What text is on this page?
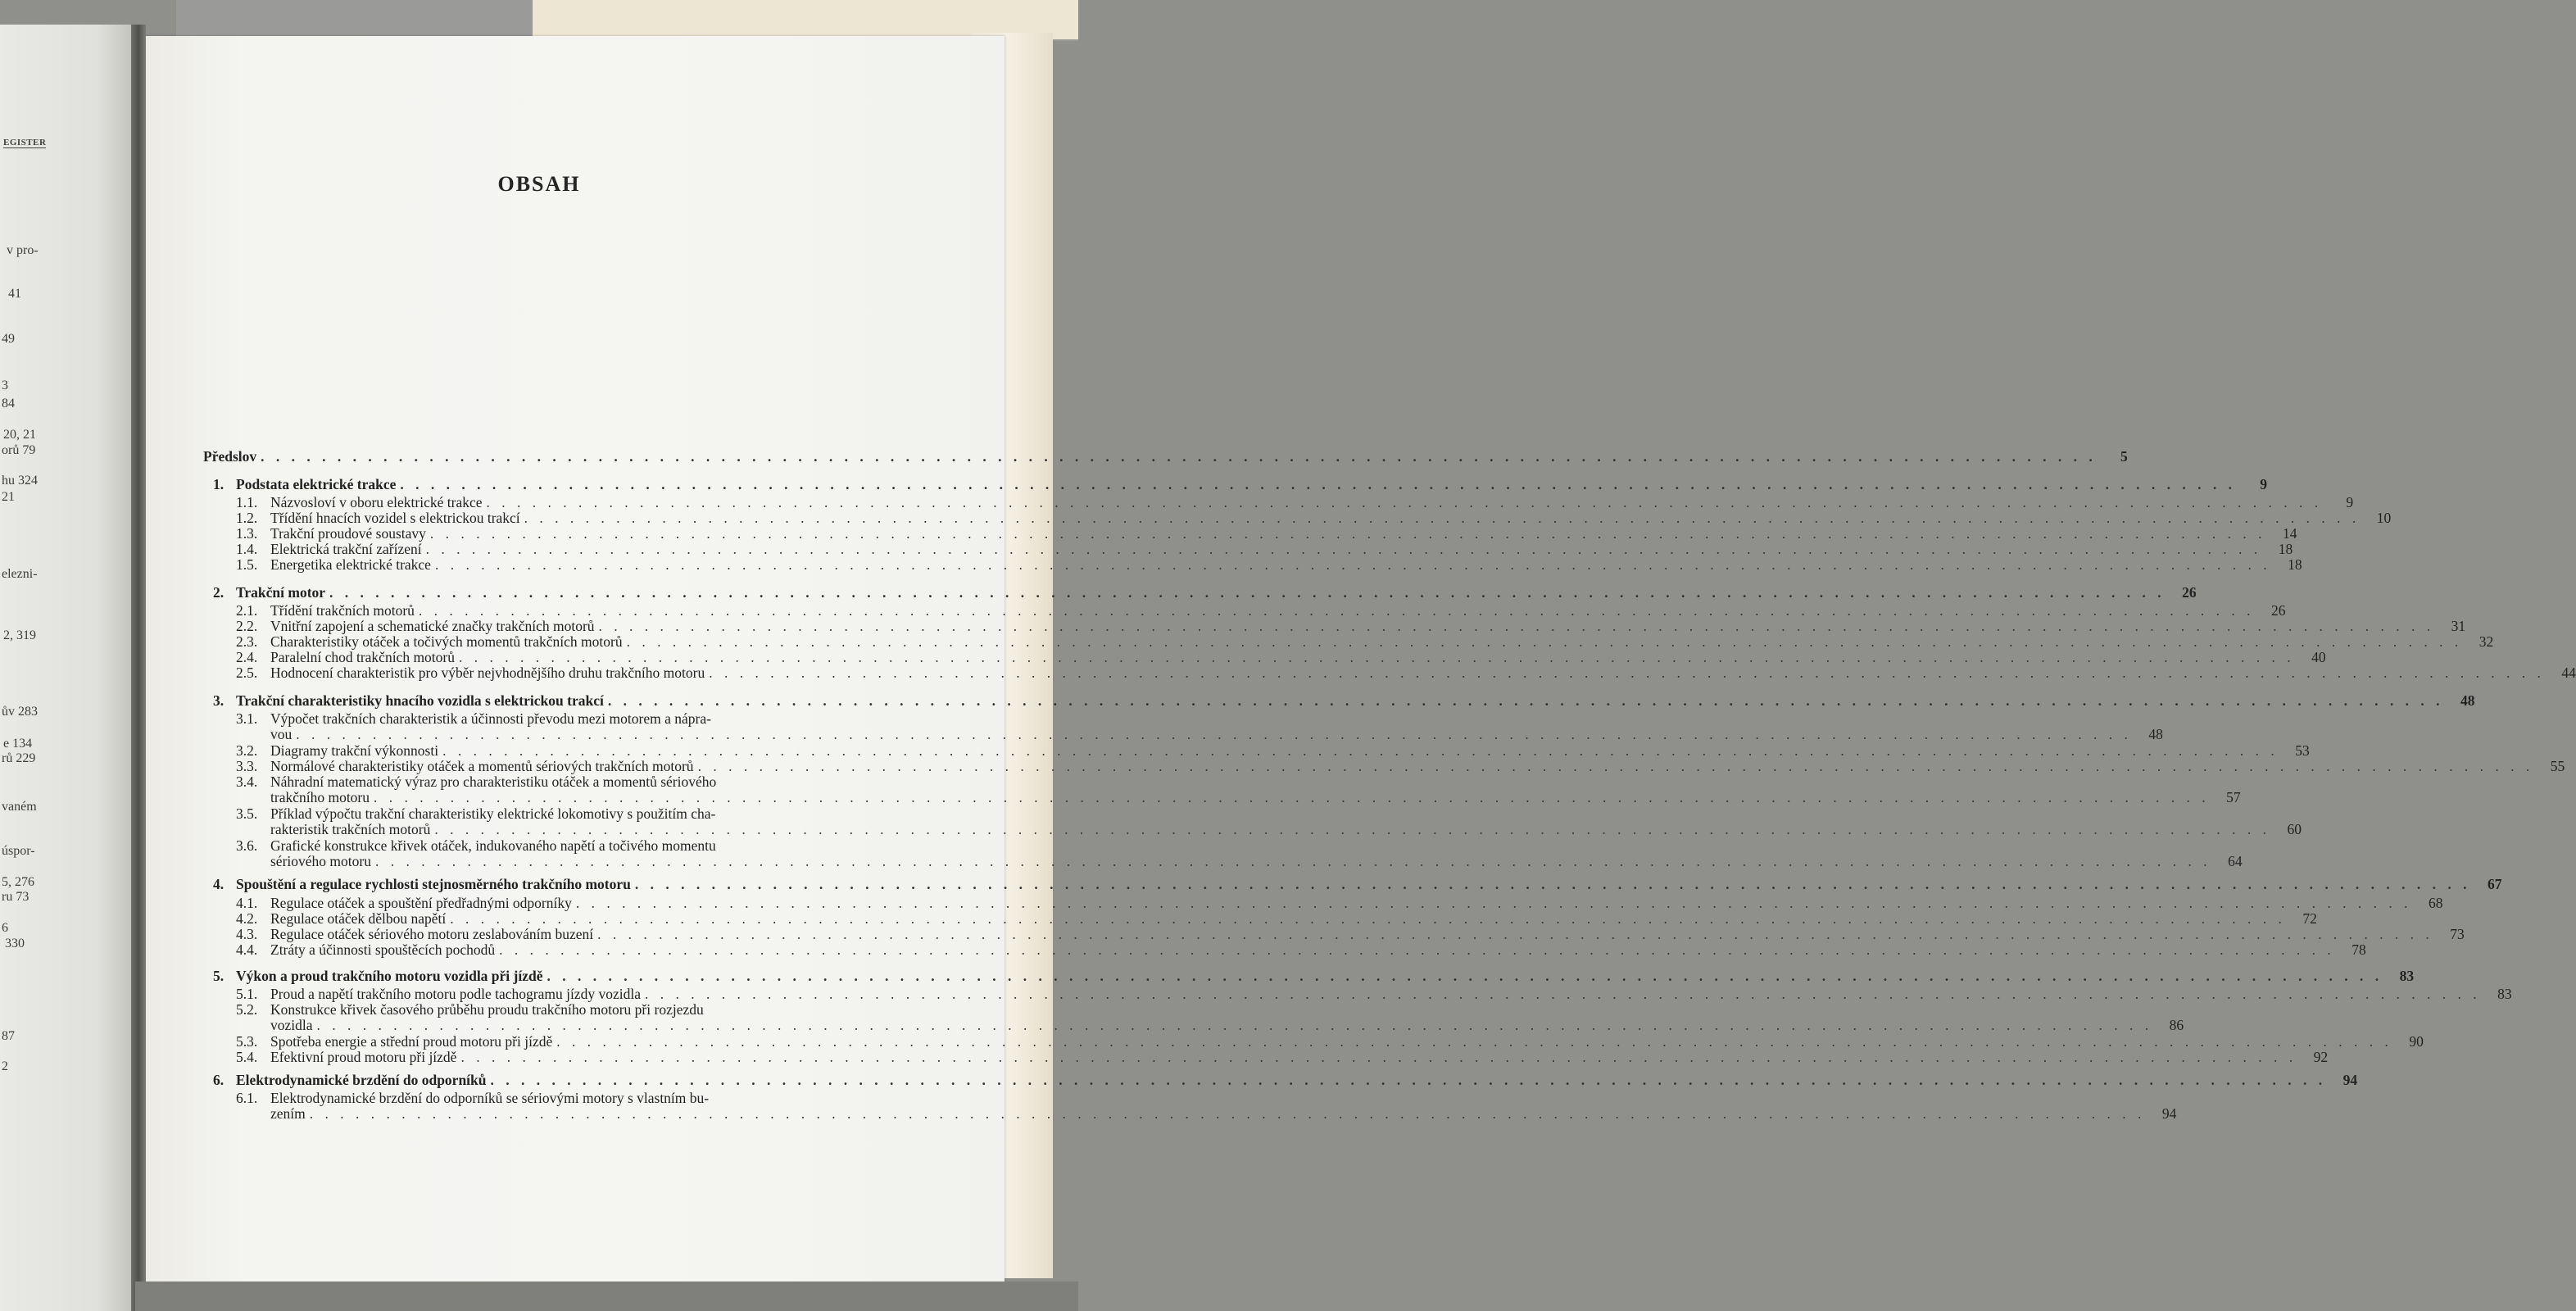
EGISTER
v pro-
41
49
3
84
20, 21
orů 79
hu 324
21
elezni-
2, 319
ův 283
e 134
rů 229
vaném
úspor-
5, 276
ru 73
6
330
87
2
OBSAH
Předslov . . . . . . . . . . . . . . . . . . . . . . . . . . . . . . . . . . . . . . . . . . . . . . . . . . . . . . . . . . . . . . . . . . . . . . . . . . . . . . . . . . . . . . . . . . . . . . . . . . . . . . . . . . . . . . . . . . . . . . . .	5
1. Podstata elektrické trakce . . . . . . . . . . . . . . . . . . . . . . . . . . . . . . . . . . . . . . . . . . . . . . . . . . . . . . . . . . . . . . . . . . . . . . . . . . . . . . . . . . . . . . . . . . . . . . . . . . . . . . . . . . . . . . . . . . . . . . . .	9
1.1. Názvosloví v oboru elektrické trakce . . . . . . . . . . . . . . . . . . . . . . . . . . . . . . . . . . . . . . . . . . . . . . . . . . . . . . . . . . . . . . . . . . . . . . . . . . . . . . . . . . . . . . . . . . . . . . . . . . . . . . . . . . . . . . . . . . . . . . . .	9
1.2. Třídění hnacích vozidel s elektrickou trakcí . . . . . . . . . . . . . . . . . . . . . . . . . . . . . . . . . . . . . . . . . . . . . . . . . . . . . . . . . . . . . . . . . . . . . . . . . . . . . . . . . . . . . . . . . . . . . . . . . . . . . . . . . . . . . . . . . . . . . . . .	10
1.3. Trakční proudové soustavy . . . . . . . . . . . . . . . . . . . . . . . . . . . . . . . . . . . . . . . . . . . . . . . . . . . . . . . . . . . . . . . . . . . . . . . . . . . . . . . . . . . . . . . . . . . . . . . . . . . . . . . . . . . . . . . . . . . . . . . .	14
1.4. Elektrická trakční zařízení . . . . . . . . . . . . . . . . . . . . . . . . . . . . . . . . . . . . . . . . . . . . . . . . . . . . . . . . . . . . . . . . . . . . . . . . . . . . . . . . . . . . . . . . . . . . . . . . . . . . . . . . . . . . . . . . . . . . . . . .	18
1.5. Energetika elektrické trakce . . . . . . . . . . . . . . . . . . . . . . . . . . . . . . . . . . . . . . . . . . . . . . . . . . . . . . . . . . . . . . . . . . . . . . . . . . . . . . . . . . . . . . . . . . . . . . . . . . . . . . . . . . . . . . . . . . . . . . . .	18
2. Trakční motor . . . . . . . . . . . . . . . . . . . . . . . . . . . . . . . . . . . . . . . . . . . . . . . . . . . . . . . . . . . . . . . . . . . . . . . . . . . . . . . . . . . . . . . . . . . . . . . . . . . . . . . . . . . . . . . . . . . . . . . .	26
2.1. Třídění trakčních motorů . . . . . . . . . . . . . . . . . . . . . . . . . . . . . . . . . . . . . . . . . . . . . . . . . . . . . . . . . . . . . . . . . . . . . . . . . . . . . . . . . . . . . . . . . . . . . . . . . . . . . . . . . . . . . . . . . . . . . . . .	26
2.2. Vnitřní zapojení a schematické značky trakčních motorů . . . . . . . . . . . . . . . . . . . . . . . . . . . . . . . . . . . . . . . . . . . . . . . . . . . . . . . . . . . . . . . . . . . . . . . . . . . . . . . . . . . . . . . . . . . . . . . . . . . . . . . . . . . . . . . . . . . . . . . .	31
2.3. Charakteristiky otáček a točivých momentů trakčních motorů . . . . . . . . . . . . . . . . . . . . . . . . . . . . . . . . . . . . . . . . . . . . . . . . . . . . . . . . . . . . . . . . . . . . . . . . . . . . . . . . . . . . . . . . . . . . . . . . . . . . . . . . . . . . . . . . . . . . . . . .	32
2.4. Paralelní chod trakčních motorů . . . . . . . . . . . . . . . . . . . . . . . . . . . . . . . . . . . . . . . . . . . . . . . . . . . . . . . . . . . . . . . . . . . . . . . . . . . . . . . . . . . . . . . . . . . . . . . . . . . . . . . . . . . . . . . . . . . . . . . .	40
2.5. Hodnocení charakteristik pro výběr nejvhodnějšího druhu trakčního motoru . . . . . . . . . . . . . . . . . . . . . . . . . . . . . . . . . . . . . . . . . . . . . . . . . . . . . . . . . . . . . . . . . . . . . . . . . . . . . . . . . . . . . . . . . . . . . . . . . . . . . . . . . . . . . . . . . . . . . . . .	44
3. Trakční charakteristiky hnacího vozidla s elektrickou trakcí . . . . . . . . . . . . . . . . . . . . . . . . . . . . . . . . . . . . . . . . . . . . . . . . . . . . . . . . . . . . . . . . . . . . . . . . . . . . . . . . . . . . . . . . . . . . . . . . . . . . . . . . . . . . . . . . . . . . . . . .	48
3.1. Výpočet trakčních charakteristik a účinnosti převodu mezi motorem a nápra-
vou . . . . . . . . . . . . . . . . . . . . . . . . . . . . . . . . . . . . . . . . . . . . . . . . . . . . . . . . . . . . . . . . . . . . . . . . . . . . . . . . . . . . . . . . . . . . . . . . . . . . . . . . . . . . . . . . . . . . . . . .	48
3.2. Diagramy trakční výkonnosti . . . . . . . . . . . . . . . . . . . . . . . . . . . . . . . . . . . . . . . . . . . . . . . . . . . . . . . . . . . . . . . . . . . . . . . . . . . . . . . . . . . . . . . . . . . . . . . . . . . . . . . . . . . . . . . . . . . . . . . .	53
3.3. Normálové charakteristiky otáček a momentů sériových trakčních motorů . . . . . . . . . . . . . . . . . . . . . . . . . . . . . . . . . . . . . . . . . . . . . . . . . . . . . . . . . . . . . . . . . . . . . . . . . . . . . . . . . . . . . . . . . . . . . . . . . . . . . . . . . . . . . . . . . . . . . . . .	55
3.4. Náhradní matematický výraz pro charakteristiku otáček a momentů sériového
trakčního motoru . . . . . . . . . . . . . . . . . . . . . . . . . . . . . . . . . . . . . . . . . . . . . . . . . . . . . . . . . . . . . . . . . . . . . . . . . . . . . . . . . . . . . . . . . . . . . . . . . . . . . . . . . . . . . . . . . . . . . . . .	57
3.5. Příklad výpočtu trakční charakteristiky elektrické lokomotivy s použitím cha-
rakteristik trakčních motorů . . . . . . . . . . . . . . . . . . . . . . . . . . . . . . . . . . . . . . . . . . . . . . . . . . . . . . . . . . . . . . . . . . . . . . . . . . . . . . . . . . . . . . . . . . . . . . . . . . . . . . . . . . . . . . . . . . . . . . . .	60
3.6. Grafické konstrukce křivek otáček, indukovaného napětí a točivého momentu
sériového motoru . . . . . . . . . . . . . . . . . . . . . . . . . . . . . . . . . . . . . . . . . . . . . . . . . . . . . . . . . . . . . . . . . . . . . . . . . . . . . . . . . . . . . . . . . . . . . . . . . . . . . . . . . . . . . . . . . . . . . . . .	64
4. Spouštění a regulace rychlosti stejnosměrného trakčního motoru . . . . . . . . . . . . . . . . . . . . . . . . . . . . . . . . . . . . . . . . . . . . . . . . . . . . . . . . . . . . . . . . . . . . . . . . . . . . . . . . . . . . . . . . . . . . . . . . . . . . . . . . . . . . . . . . . . . . . . . .	67
4.1. Regulace otáček a spouštění předřadnými odporníky . . . . . . . . . . . . . . . . . . . . . . . . . . . . . . . . . . . . . . . . . . . . . . . . . . . . . . . . . . . . . . . . . . . . . . . . . . . . . . . . . . . . . . . . . . . . . . . . . . . . . . . . . . . . . . . . . . . . . . . .	68
4.2. Regulace otáček dělbou napětí . . . . . . . . . . . . . . . . . . . . . . . . . . . . . . . . . . . . . . . . . . . . . . . . . . . . . . . . . . . . . . . . . . . . . . . . . . . . . . . . . . . . . . . . . . . . . . . . . . . . . . . . . . . . . . . . . . . . . . . .	72
4.3. Regulace otáček sériového motoru zeslabováním buzení . . . . . . . . . . . . . . . . . . . . . . . . . . . . . . . . . . . . . . . . . . . . . . . . . . . . . . . . . . . . . . . . . . . . . . . . . . . . . . . . . . . . . . . . . . . . . . . . . . . . . . . . . . . . . . . . . . . . . . . .	73
4.4. Ztráty a účinnosti spouštěcích pochodů . . . . . . . . . . . . . . . . . . . . . . . . . . . . . . . . . . . . . . . . . . . . . . . . . . . . . . . . . . . . . . . . . . . . . . . . . . . . . . . . . . . . . . . . . . . . . . . . . . . . . . . . . . . . . . . . . . . . . . . .	78
5. Výkon a proud trakčního motoru vozidla při jízdě . . . . . . . . . . . . . . . . . . . . . . . . . . . . . . . . . . . . . . . . . . . . . . . . . . . . . . . . . . . . . . . . . . . . . . . . . . . . . . . . . . . . . . . . . . . . . . . . . . . . . . . . . . . . . . . . . . . . . . . .	83
5.1. Proud a napětí trakčního motoru podle tachogramu jízdy vozidla . . . . . . . . . . . . . . . . . . . . . . . . . . . . . . . . . . . . . . . . . . . . . . . . . . . . . . . . . . . . . . . . . . . . . . . . . . . . . . . . . . . . . . . . . . . . . . . . . . . . . . . . . . . . . . . . . . . . . . . .	83
5.2. Konstrukce křivek časového průběhu proudu trakčního motoru při rozjezdu
vozidla . . . . . . . . . . . . . . . . . . . . . . . . . . . . . . . . . . . . . . . . . . . . . . . . . . . . . . . . . . . . . . . . . . . . . . . . . . . . . . . . . . . . . . . . . . . . . . . . . . . . . . . . . . . . . . . . . . . . . . . .	86
5.3. Spotřeba energie a střední proud motoru při jízdě . . . . . . . . . . . . . . . . . . . . . . . . . . . . . . . . . . . . . . . . . . . . . . . . . . . . . . . . . . . . . . . . . . . . . . . . . . . . . . . . . . . . . . . . . . . . . . . . . . . . . . . . . . . . . . . . . . . . . . . .	90
5.4. Efektivní proud motoru při jízdě . . . . . . . . . . . . . . . . . . . . . . . . . . . . . . . . . . . . . . . . . . . . . . . . . . . . . . . . . . . . . . . . . . . . . . . . . . . . . . . . . . . . . . . . . . . . . . . . . . . . . . . . . . . . . . . . . . . . . . . .	92
6. Elektrodynamické brzdění do odporníků . . . . . . . . . . . . . . . . . . . . . . . . . . . . . . . . . . . . . . . . . . . . . . . . . . . . . . . . . . . . . . . . . . . . . . . . . . . . . . . . . . . . . . . . . . . . . . . . . . . . . . . . . . . . . . . . . . . . . . . .	94
6.1. Elektrodynamické brzdění do odporníků se sériovými motory s vlastním bu-
zením . . . . . . . . . . . . . . . . . . . . . . . . . . . . . . . . . . . . . . . . . . . . . . . . . . . . . . . . . . . . . . . . . . . . . . . . . . . . . . . . . . . . . . . . . . . . . . . . . . . . . . . . . . . . . . . . . . . . . . . .	94
